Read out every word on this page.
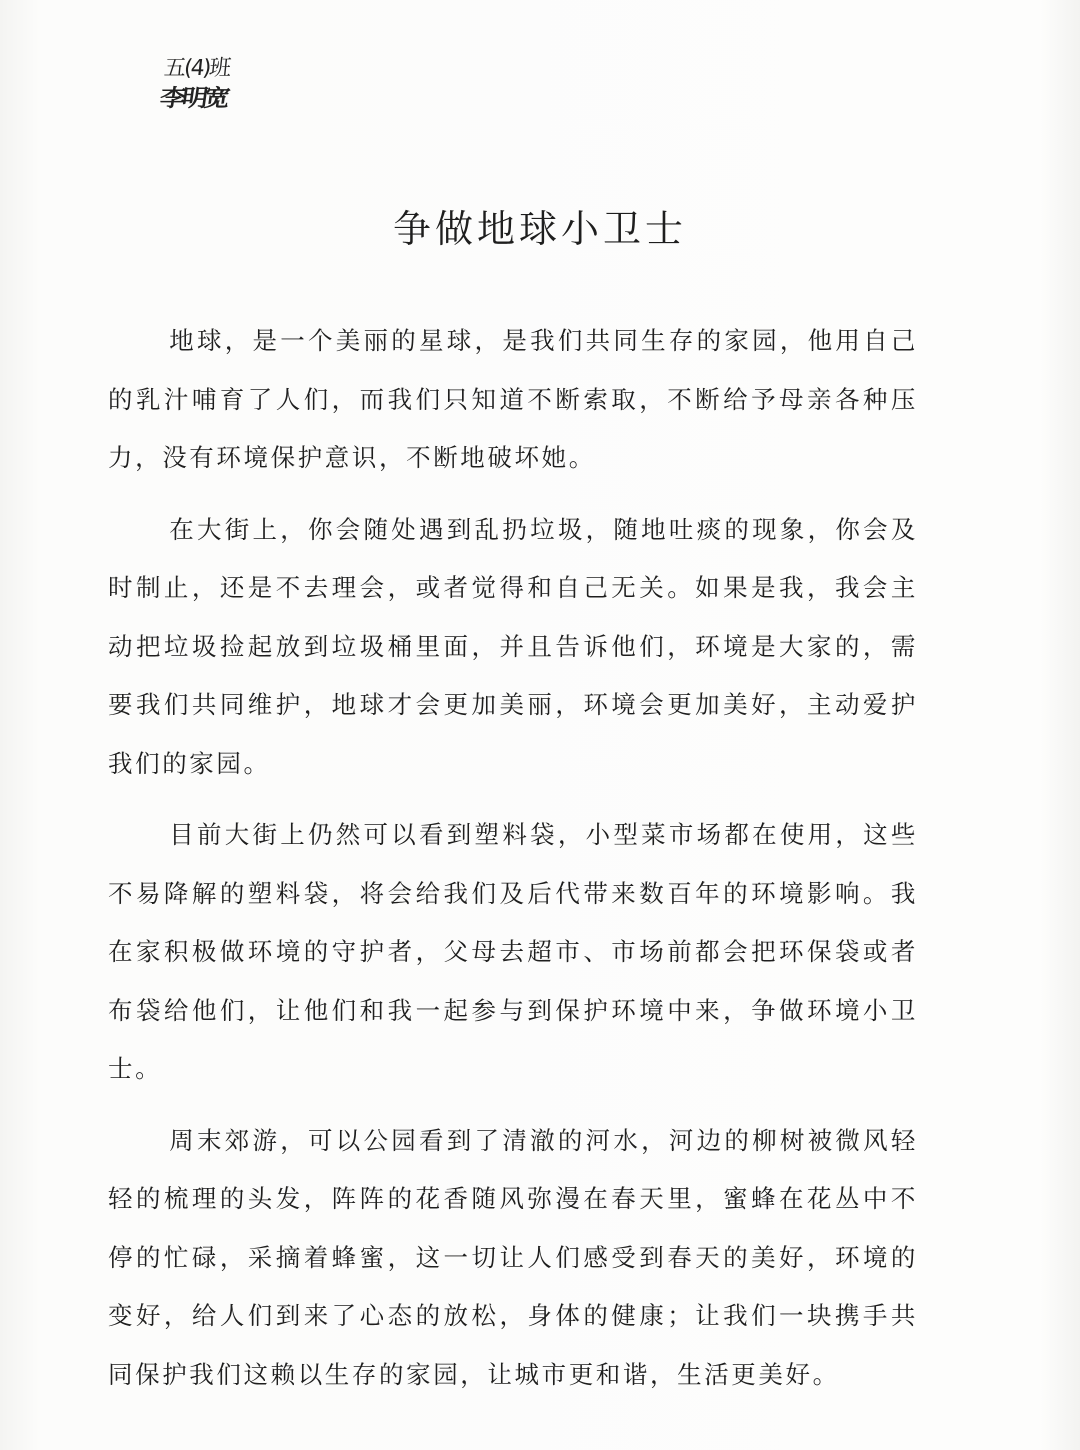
五(4)班
李明宽
争做地球小卫士

地球，是一个美丽的星球，是我们共同生存的家园，他用自己的乳汁哺育了人们，而我们只知道不断索取，不断给予母亲各种压力，没有环境保护意识，不断地破坏她。

在大街上，你会随处遇到乱扔垃圾，随地吐痰的现象，你会及时制止，还是不去理会，或者觉得和自己无关。如果是我，我会主动把垃圾捡起放到垃圾桶里面，并且告诉他们，环境是大家的，需要我们共同维护，地球才会更加美丽，环境会更加美好，主动爱护我们的家园。

目前大街上仍然可以看到塑料袋，小型菜市场都在使用，这些不易降解的塑料袋，将会给我们及后代带来数百年的环境影响。我在家积极做环境的守护者，父母去超市、市场前都会把环保袋或者布袋给他们，让他们和我一起参与到保护环境中来，争做环境小卫士。

周末郊游，可以公园看到了清澈的河水，河边的柳树被微风轻轻的梳理的头发，阵阵的花香随风弥漫在春天里，蜜蜂在花丛中不停的忙碌，采摘着蜂蜜，这一切让人们感受到春天的美好，环境的变好，给人们到来了心态的放松，身体的健康；让我们一块携手共同保护我们这赖以生存的家园，让城市更和谐，生活更美好。
